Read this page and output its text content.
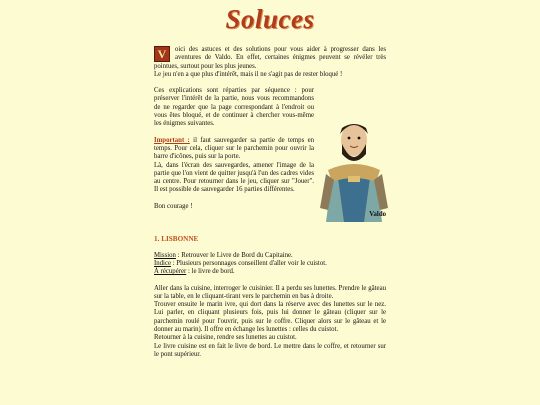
Soluces
V	oici des astuces et des solutions pour vous aider à progresser dans les aventures de Valdo. En effet, certaines énigmes peuvent se révéler très pointues, surtout pour les plus jeunes.

Le jeu n'en a que plus d'intérêt, mais il ne s'agit pas de rester bloqué !

Ces explications sont réparties par séquence : pour préserver l'intérêt de la partie, nous vous recommandons de ne regarder que la page correspondant à l'endroit ou vous êtes bloqué, et de continuer à chercher vous-même les énigmes suivantes.

Important : il faut sauvegarder sa partie de temps en temps. Pour cela, cliquer sur le parchemin pour ouvrir la barre d'icônes, puis sur la porte.

Là, dans l'écran des sauvegardes, amener l'image de la partie que l'on vient de quitter jusqu'à l'un des cadres vides au centre. Pour retourner dans le jeu, cliquer sur "Jouer". Il est possible de sauvegarder 16 parties différentes.

Bon courage !

Valdo

1. LISBONNE

Mission : Retrouver le Livre de Bord du Capitaine.

Indice : Plusieurs personnages conseillent d'aller voir le cuistot.

À récupérer : le livre de bord.

Aller dans la cuisine, interroger le cuisinier. Il a perdu ses lunettes. Prendre le gâteau sur la table, en le cliquant-tirant vers le parchemin en bas à droite.

Trouver ensuite le marin ivre, qui dort dans la réserve avec des lunettes sur le nez. Lui parler, en cliquant plusieurs fois, puis lui donner le gâteau (cliquer sur le parchemin roulé pour l'ouvrir, puis sur le coffre. Cliquer alors sur le gâteau et le donner au marin). Il offre en échange les lunettes : celles du cuistot.

Retourner à la cuisine, rendre ses lunettes au cuistot.

Le livre cuisine est en fait le livre de bord. Le mettre dans le coffre, et retourner sur le pont supérieur.
